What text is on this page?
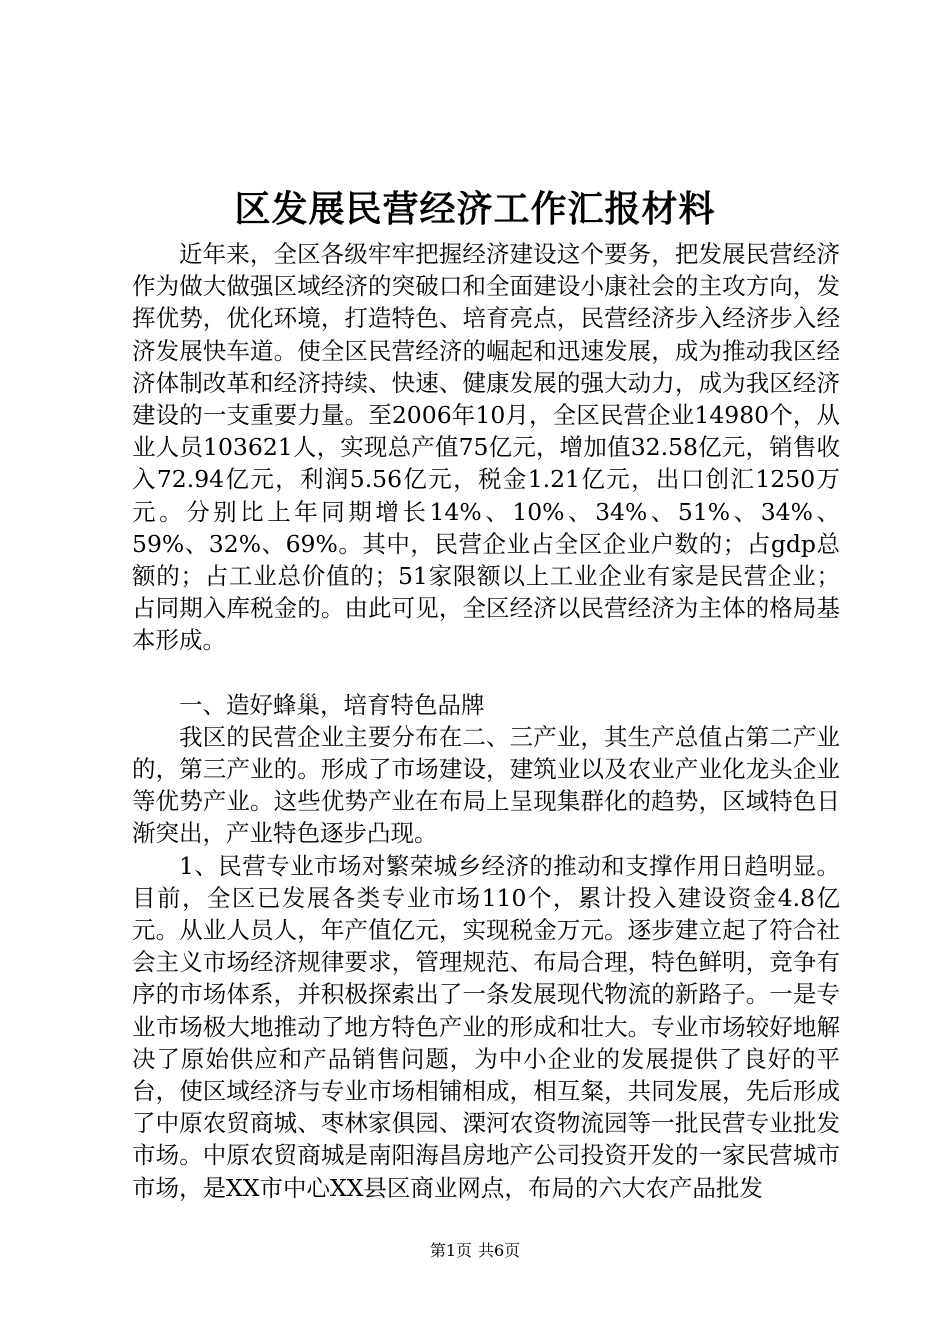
区发展民营经济工作汇报材料

近年来，全区各级牢牢把握经济建设这个要务，把发展民营经济作为做大做强区域经济的突破口和全面建设小康社会的主攻方向，发挥优势，优化环境，打造特色、培育亮点，民营经济步入经济步入经济发展快车道。使全区民营经济的崛起和迅速发展，成为推动我区经济体制改革和经济持续、快速、健康发展的强大动力，成为我区经济建设的一支重要力量。至2006年10月，全区民营企业14980个，从业人员103621人，实现总产值75亿元，增加值32.58亿元，销售收入72.94亿元，利润5.56亿元，税金1.21亿元，出口创汇1250万元。分别比上年同期增长14%、10%、34%、51%、34%、59%、32%、69%。其中，民营企业占全区企业户数的；占gdp总额的；占工业总价值的；51家限额以上工业企业有家是民营企业；占同期入库税金的。由此可见，全区经济以民营经济为主体的格局基本形成。

一、造好蜂巢，培育特色品牌

我区的民营企业主要分布在二、三产业，其生产总值占第二产业的，第三产业的。形成了市场建设，建筑业以及农业产业化龙头企业等优势产业。这些优势产业在布局上呈现集群化的趋势，区域特色日渐突出，产业特色逐步凸现。

1、民营专业市场对繁荣城乡经济的推动和支撑作用日趋明显。目前，全区已发展各类专业市场110个，累计投入建设资金4.8亿元。从业人员人，年产值亿元，实现税金万元。逐步建立起了符合社会主义市场经济规律要求，管理规范、布局合理，特色鲜明，竞争有序的市场体系，并积极探索出了一条发展现代物流的新路子。一是专业市场极大地推动了地方特色产业的形成和壮大。专业市场较好地解决了原始供应和产品销售问题，为中小企业的发展提供了良好的平台，使区域经济与专业市场相铺相成，相互粲，共同发展，先后形成了中原农贸商城、枣林家俱园、溧河农资物流园等一批民营专业批发市场。中原农贸商城是南阳海昌房地产公司投资开发的一家民营城市市场，是XX市中心XX县区商业网点，布局的六大农产品批发

第1页 共6页
